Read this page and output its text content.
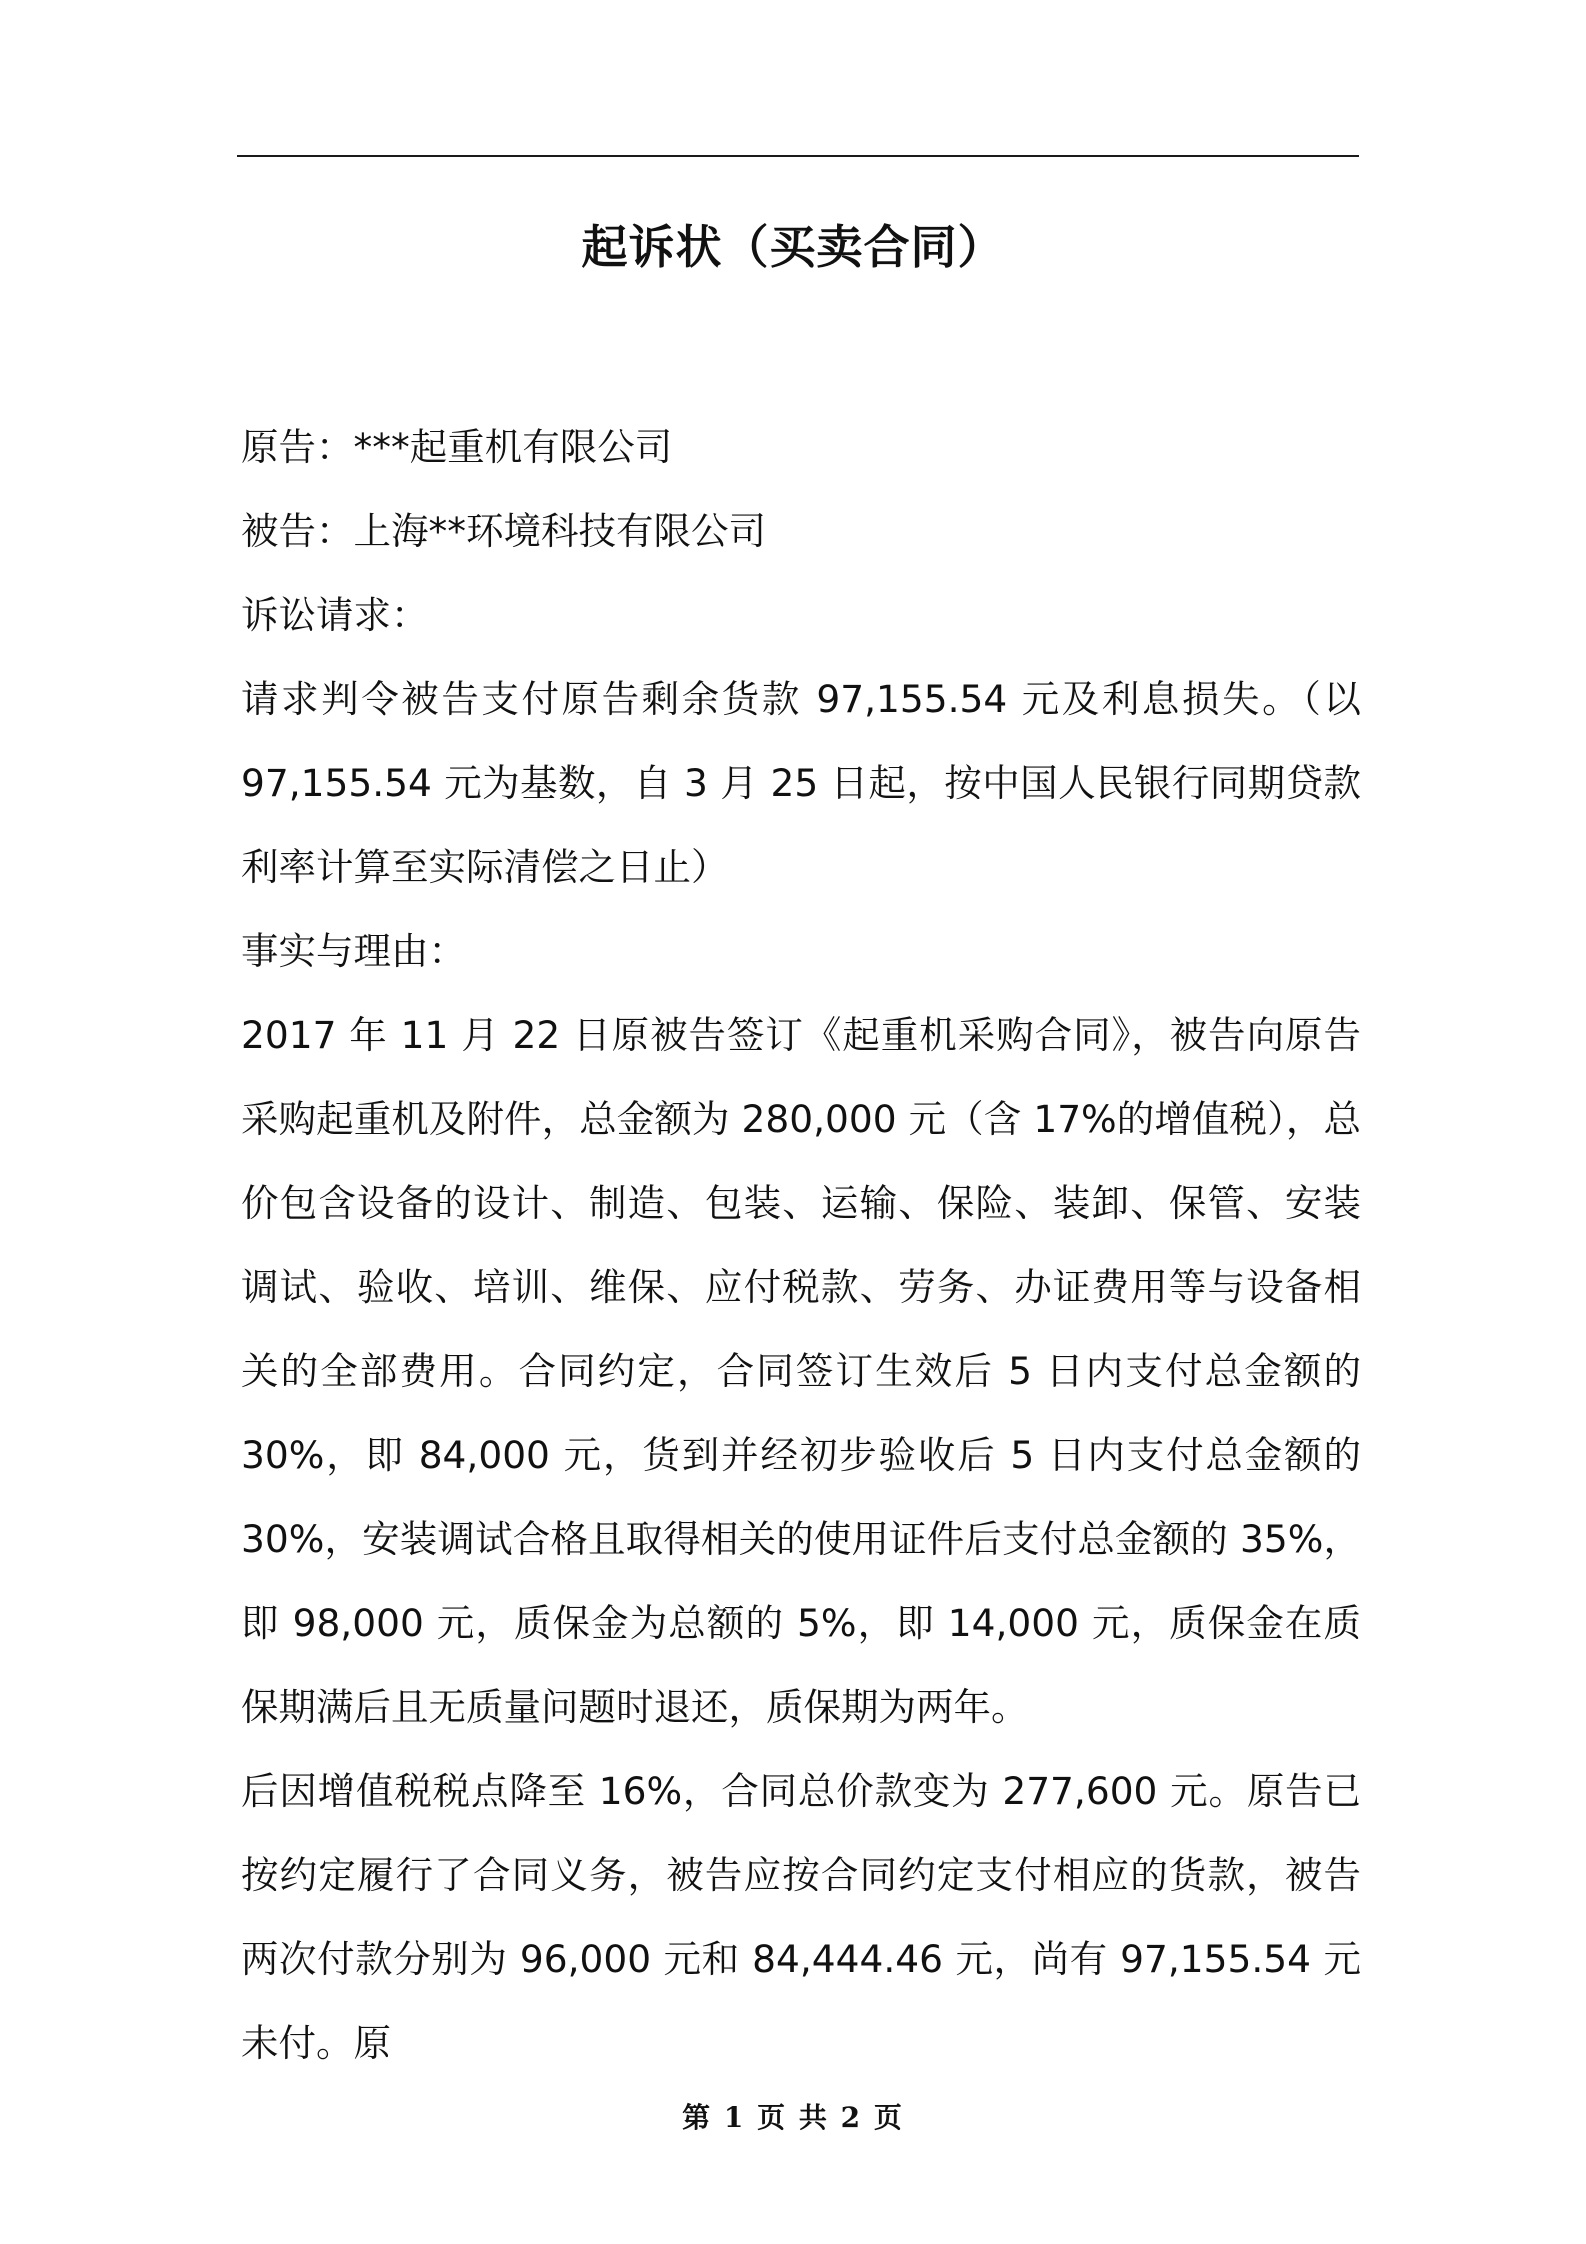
起诉状（买卖合同）

原告：***起重机有限公司

被告：上海**环境科技有限公司

诉讼请求：

请求判令被告支付原告剩余货款 97,155.54 元及利息损失。（以 97,155.54 元为基数，自 3 月 25 日起，按中国人民银行同期贷款利率计算至实际清偿之日止）

事实与理由：

2017 年 11 月 22 日原被告签订《起重机采购合同》，被告向原告采购起重机及附件，总金额为 280,000 元（含 17%的增值税），总价包含设备的设计、制造、包装、运输、保险、装卸、保管、安装调试、验收、培训、维保、应付税款、劳务、办证费用等与设备相关的全部费用。合同约定，合同签订生效后 5 日内支付总金额的 30%，即 84,000 元，货到并经初步验收后 5 日内支付总金额的 30%，安装调试合格且取得相关的使用证件后支付总金额的 35%，即 98,000 元，质保金为总额的 5%，即 14,000 元，质保金在质保期满后且无质量问题时退还，质保期为两年。

后因增值税税点降至 16%，合同总价款变为 277,600 元。原告已按约定履行了合同义务，被告应按合同约定支付相应的货款，被告两次付款分别为 96,000 元和 84,444.46 元，尚有 97,155.54 元未付。原

第 1 页 共 2 页
